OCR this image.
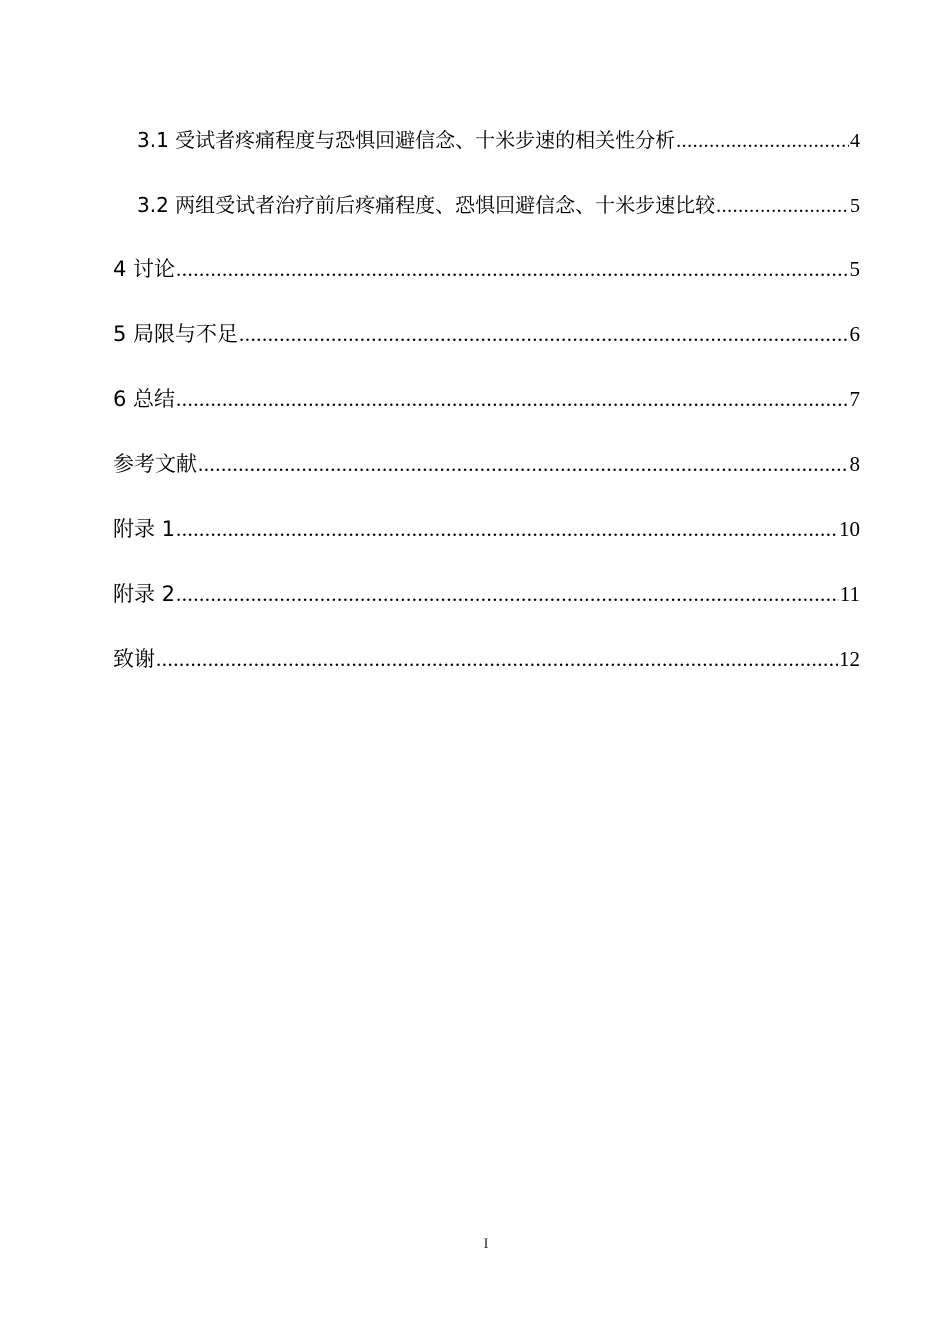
3.1 受试者疼痛程度与恐惧回避信念、十米步速的相关性分析 .....	4
3.2 两组受试者治疗前后疼痛程度、恐惧回避信念、十米步速比较 .....	5
4 讨论 .....	5
5 局限与不足 .....	6
6 总结 .....	7
参考文献 .....	8
附录 1 .....	10
附录 2 .....	11
致谢 .....	12
I
